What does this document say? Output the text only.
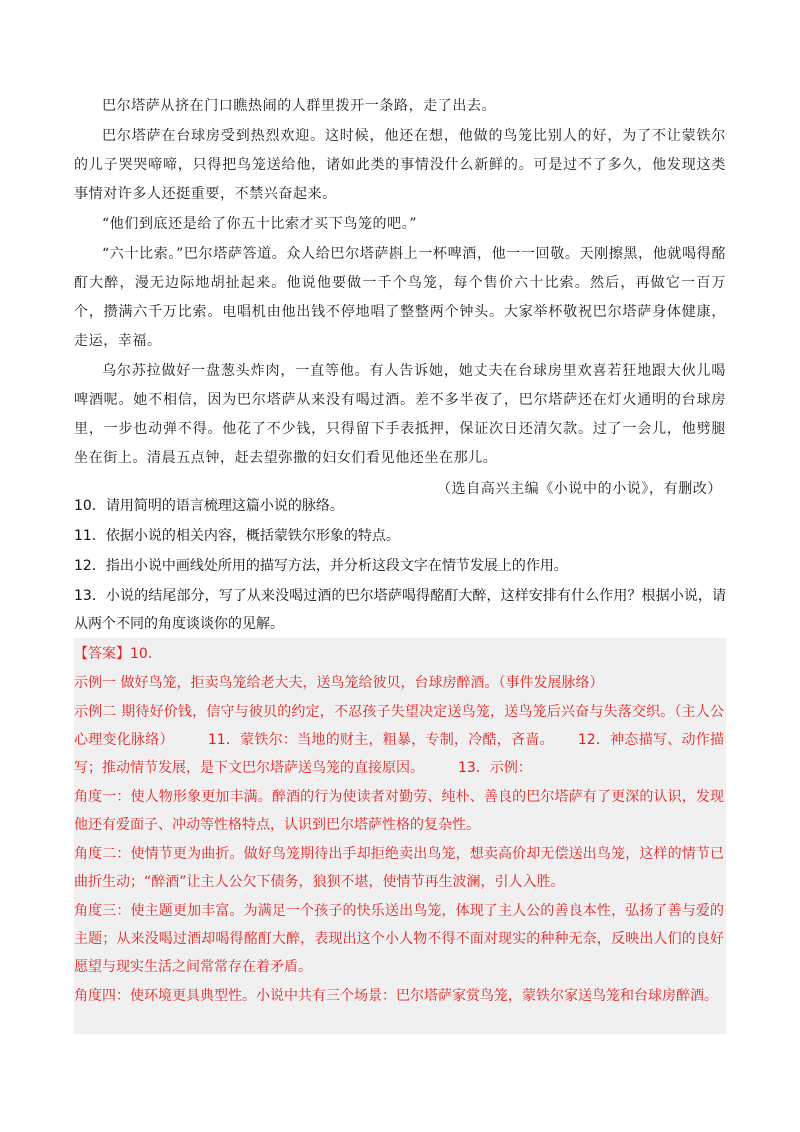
巴尔塔萨从挤在门口瞧热闹的人群里拨开一条路，走了出去。

巴尔塔萨在台球房受到热烈欢迎。这时候，他还在想，他做的鸟笼比别人的好，为了不让蒙铁尔的儿子哭哭啼啼，只得把鸟笼送给他，诸如此类的事情没什么新鲜的。可是过不了多久，他发现这类事情对许多人还挺重要，不禁兴奋起来。

“他们到底还是给了你五十比索才买下鸟笼的吧。”

“六十比索。”巴尔塔萨答道。众人给巴尔塔萨斟上一杯啤酒，他一一回敬。天刚擦黑，他就喝得酩酊大醉，漫无边际地胡扯起来。他说他要做一千个鸟笼，每个售价六十比索。然后，再做它一百万个，攒满六千万比索。电唱机由他出钱不停地唱了整整两个钟头。大家举杯敬祝巴尔塔萨身体健康，走运，幸福。

乌尔苏拉做好一盘葱头炸肉，一直等他。有人告诉她，她丈夫在台球房里欢喜若狂地跟大伙儿喝啤酒呢。她不相信，因为巴尔塔萨从来没有喝过酒。差不多半夜了，巴尔塔萨还在灯火通明的台球房里，一步也动弹不得。他花了不少钱，只得留下手表抵押，保证次日还清欠款。过了一会儿，他劈腿坐在街上。清晨五点钟，赶去望弥撒的妇女们看见他还坐在那儿。

（选自高兴主编《小说中的小说》，有删改）

10．请用简明的语言梳理这篇小说的脉络。

11．依据小说的相关内容，概括蒙铁尔形象的特点。

12．指出小说中画线处所用的描写方法，并分析这段文字在情节发展上的作用。

13．小说的结尾部分，写了从来没喝过酒的巴尔塔萨喝得酩酊大醉，这样安排有什么作用？根据小说，请从两个不同的角度谈谈你的见解。

【答案】10.

示例一 做好鸟笼，拒卖鸟笼给老大夫，送鸟笼给彼贝，台球房醉酒。（事件发展脉络）

示例二 期待好价钱，信守与彼贝的约定，不忍孩子失望决定送鸟笼，送鸟笼后兴奋与失落交织。（主人公心理变化脉络） 11．蒙铁尔：当地的财主，粗暴，专制，冷酷，吝啬。 12．神态描写、动作描写；推动情节发展，是下文巴尔塔萨送鸟笼的直接原因。 13．示例：

角度一：使人物形象更加丰满。醉酒的行为使读者对勤劳、纯朴、善良的巴尔塔萨有了更深的认识，发现他还有爱面子、冲动等性格特点，认识到巴尔塔萨性格的复杂性。

角度二：使情节更为曲折。做好鸟笼期待出手却拒绝卖出鸟笼，想卖高价却无偿送出鸟笼，这样的情节已曲折生动；“醉酒”让主人公欠下债务，狼狈不堪，使情节再生波澜，引人入胜。

角度三：使主题更加丰富。为满足一个孩子的快乐送出鸟笼，体现了主人公的善良本性，弘扬了善与爱的主题；从来没喝过酒却喝得酩酊大醉，表现出这个小人物不得不面对现实的种种无奈，反映出人们的良好愿望与现实生活之间常常存在着矛盾。

角度四：使环境更具典型性。小说中共有三个场景：巴尔塔萨家赏鸟笼，蒙铁尔家送鸟笼和台球房醉酒。
